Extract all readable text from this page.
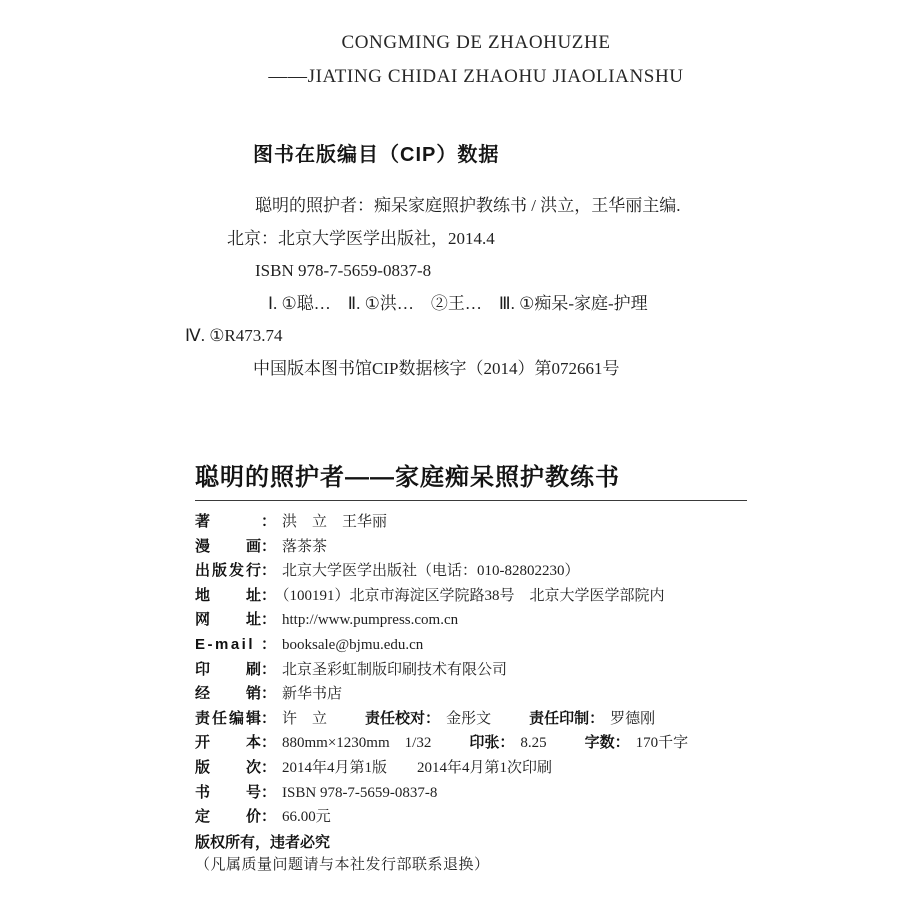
CONGMING DE ZHAOHUZHE
——JIATING CHIDAI ZHAOHU JIAOLIANSHU
图书在版编目（CIP）数据
聪明的照护者：痴呆家庭照护教练书 / 洪立，王华丽主编.
北京：北京大学医学出版社，2014.4
ISBN 978-7-5659-0837-8
Ⅰ. ①聪…　Ⅱ. ①洪…　②王…　Ⅲ. ①痴呆-家庭-护理
Ⅳ. ①R473.74
中国版本图书馆CIP数据核字（2014）第072661号
聪明的照护者——家庭痴呆照护教练书
著	： 洪　立　王华丽
漫画： 落茶茶
出版发行： 北京大学医学出版社（电话：010-82802230）
地址： （100191）北京市海淀区学院路38号　北京大学医学部院内
网址： http://www.pumpress.com.cn
E-mail ： booksale@bjmu.edu.cn
印刷： 北京圣彩虹制版印刷技术有限公司
经销： 新华书店
责任编辑： 许　立	责任校对： 金彤文	责任印制： 罗德刚
开本： 880mm×1230mm　1/32	印张： 8.25	字数： 170千字
版次： 2014年4月第1版　　2014年4月第1次印刷
书号： ISBN 978-7-5659-0837-8
定价： 66.00元
版权所有，违者必究
（凡属质量问题请与本社发行部联系退换）
